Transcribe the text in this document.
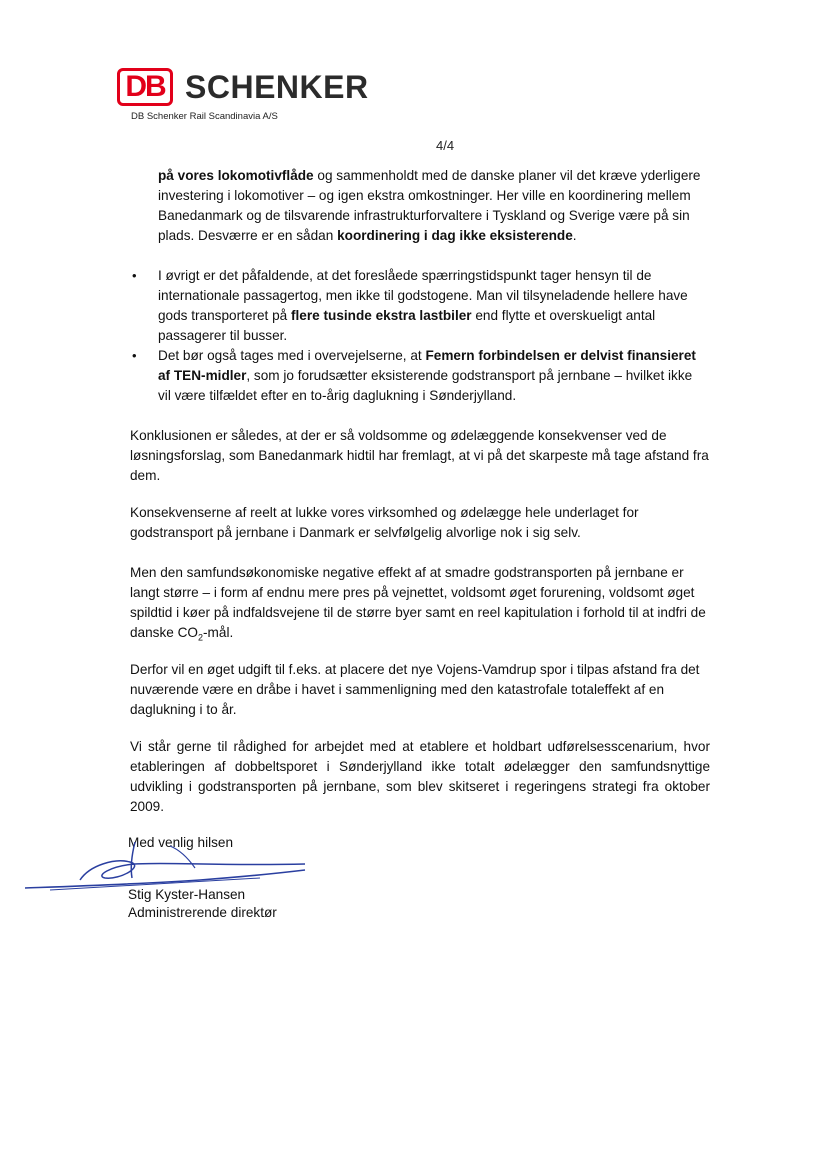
DB SCHENKER
DB Schenker Rail Scandinavia A/S
4/4

på vores lokomotivflåde og sammenholdt med de danske planer vil det kræve yderligere investering i lokomotiver – og igen ekstra omkostninger. Her ville en koordinering mellem Banedanmark og de tilsvarende infrastrukturforvaltere i Tyskland og Sverige være på sin plads. Desværre er en sådan koordinering i dag ikke eksisterende.

• I øvrigt er det påfaldende, at det foreslåede spærringstidspunkt tager hensyn til de internationale passagertog, men ikke til godstogene. Man vil tilsyneladende hellere have gods transporteret på flere tusinde ekstra lastbiler end flytte et overskueligt antal passagerer til busser.

• Det bør også tages med i overvejelserne, at Femern forbindelsen er delvist finansieret af TEN-midler, som jo forudsætter eksisterende godstransport på jernbane – hvilket ikke vil være tilfældet efter en to-årig daglukning i Sønderjylland.

Konklusionen er således, at der er så voldsomme og ødelæggende konsekvenser ved de løsningsforslag, som Banedanmark hidtil har fremlagt, at vi på det skarpeste må tage afstand fra dem.

Konsekvenserne af reelt at lukke vores virksomhed og ødelægge hele underlaget for godstransport på jernbane i Danmark er selvfølgelig alvorlige nok i sig selv.

Men den samfundsøkonomiske negative effekt af at smadre godstransporten på jernbane er langt større – i form af endnu mere pres på vejnettet, voldsomt øget forurening, voldsomt øget spildtid i køer på indfaldsvejene til de større byer samt en reel kapitulation i forhold til at indfri de danske $CO_2$-mål.

Derfor vil en øget udgift til f.eks. at placere det nye Vojens-Vamdrup spor i tilpas afstand fra det nuværende være en dråbe i havet i sammenligning med den katastrofale totaleffekt af en daglukning i to år.

Vi står gerne til rådighed for arbejdet med at etablere et holdbart udførelsesscenarium, hvor etableringen af dobbeltsporet i Sønderjylland ikke totalt ødelægger den samfundsnyttige udvikling i godstransporten på jernbane, som blev skitseret i regeringens strategi fra oktober 2009.

Med venlig hilsen
Stig Kyster-Hansen
Administrerende direktør
